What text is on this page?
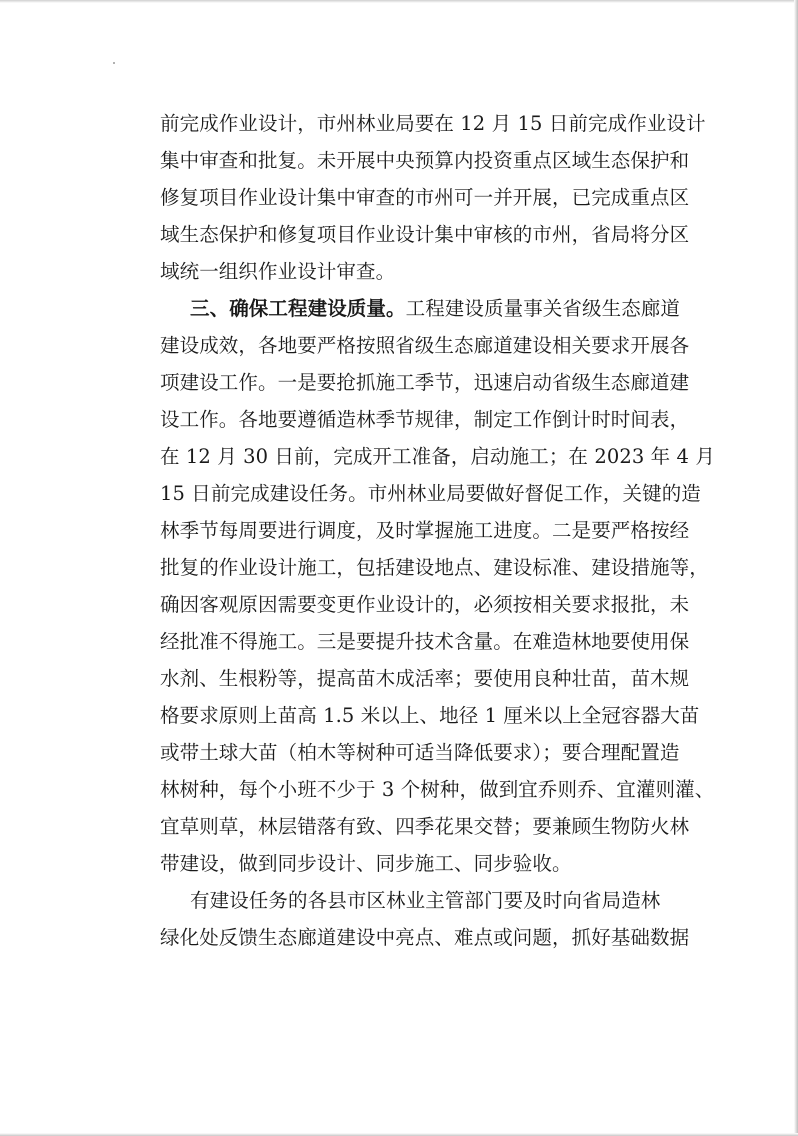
前完成作业设计，市州林业局要在 12 月 15 日前完成作业设计
集中审查和批复。未开展中央预算内投资重点区域生态保护和
修复项目作业设计集中审查的市州可一并开展，已完成重点区
域生态保护和修复项目作业设计集中审核的市州，省局将分区
域统一组织作业设计审查。
三、确保工程建设质量。工程建设质量事关省级生态廊道
建设成效，各地要严格按照省级生态廊道建设相关要求开展各
项建设工作。一是要抢抓施工季节，迅速启动省级生态廊道建
设工作。各地要遵循造林季节规律，制定工作倒计时时间表，
在 12 月 30 日前，完成开工准备，启动施工；在 2023 年 4 月
15 日前完成建设任务。市州林业局要做好督促工作，关键的造
林季节每周要进行调度，及时掌握施工进度。二是要严格按经
批复的作业设计施工，包括建设地点、建设标准、建设措施等，
确因客观原因需要变更作业设计的，必须按相关要求报批，未
经批准不得施工。三是要提升技术含量。在难造林地要使用保
水剂、生根粉等，提高苗木成活率；要使用良种壮苗，苗木规
格要求原则上苗高 1.5 米以上、地径 1 厘米以上全冠容器大苗
或带土球大苗（柏木等树种可适当降低要求）；要合理配置造
林树种，每个小班不少于 3 个树种，做到宜乔则乔、宜灌则灌、
宜草则草，林层错落有致、四季花果交替；要兼顾生物防火林
带建设，做到同步设计、同步施工、同步验收。
有建设任务的各县市区林业主管部门要及时向省局造林
绿化处反馈生态廊道建设中亮点、难点或问题，抓好基础数据
